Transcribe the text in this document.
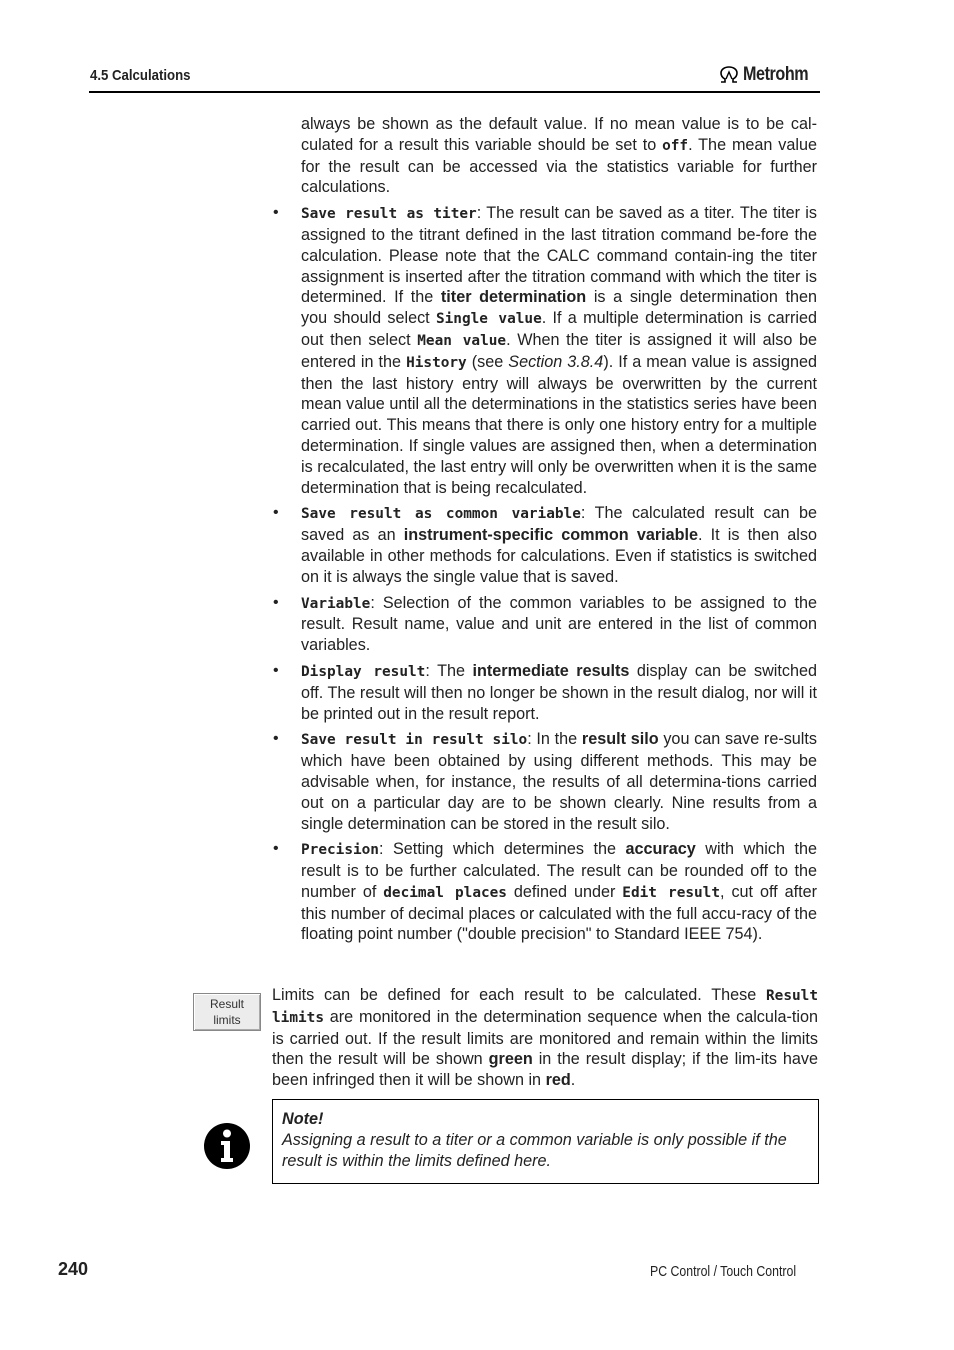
4.5 Calculations	Metrohm

always be shown as the default value. If no mean value is to be cal-culated for a result this variable should be set to off. The mean value for the result can be accessed via the statistics variable for further calculations.

• Save result as titer: The result can be saved as a titer. The titer is assigned to the titrant defined in the last titration command be-fore the calculation. Please note that the CALC command contain-ing the titer assignment is inserted after the titration command with which the titer is determined. If the titer determination is a single determination then you should select Single value. If a multiple determination is carried out then select Mean value. When the titer is assigned it will also be entered in the History (see Section 3.8.4). If a mean value is assigned then the last history entry will always be overwritten by the current mean value until all the determinations in the statistics series have been carried out. This means that there is only one history entry for a multiple determination. If single values are assigned then, when a determination is recalculated, the last entry will only be overwritten when it is the same determination that is being recalculated.
• Save result as common variable: The calculated result can be saved as an instrument-specific common variable. It is then also available in other methods for calculations. Even if statistics is switched on it is always the single value that is saved.
• Variable: Selection of the common variables to be assigned to the result. Result name, value and unit are entered in the list of common variables.
• Display result: The intermediate results display can be switched off. The result will then no longer be shown in the result dialog, nor will it be printed out in the result report.
• Save result in result silo: In the result silo you can save re-sults which have been obtained by using different methods. This may be advisable when, for instance, the results of all determina-tions carried out on a particular day are to be shown clearly. Nine results from a single determination can be stored in the result silo.
• Precision: Setting which determines the accuracy with which the result is to be further calculated. The result can be rounded off to the number of decimal places defined under Edit result, cut off after this number of decimal places or calculated with the full accu-racy of the floating point number ("double precision" to Standard IEEE 754).
Result
limits

Limits can be defined for each result to be calculated. These Result limits are monitored in the determination sequence when the calcula-tion is carried out. If the result limits are monitored and remain within the limits then the result will be shown green in the result display; if the lim-its have been infringed then it will be shown in red.

Note!
Assigning a result to a titer or a common variable is only possible if the result is within the limits defined here.
240	PC Control / Touch Control
